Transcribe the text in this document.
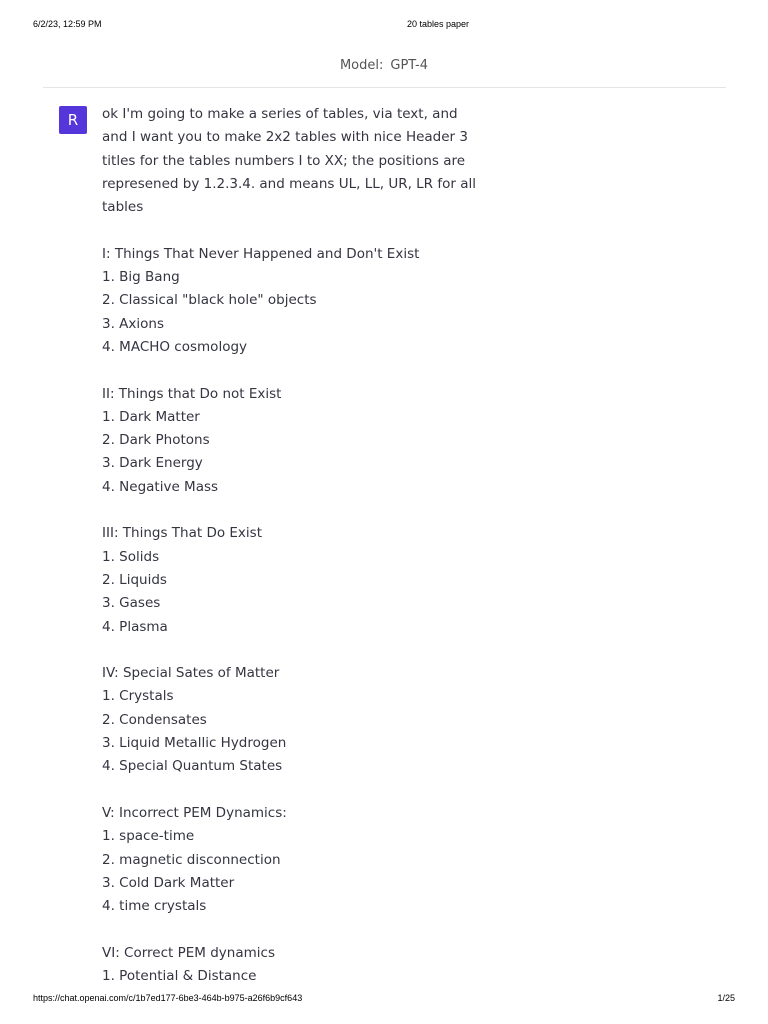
6/2/23, 12:59 PM	20 tables paper
Model: GPT-4
R	ok I'm going to make a series of tables, via text, and
and I want you to make 2x2 tables with nice Header 3
titles for the tables numbers I to XX; the positions are
represened by 1.2.3.4. and means UL, LL, UR, LR for all
tables

I: Things That Never Happened and Don't Exist
1. Big Bang
2. Classical "black hole" objects
3. Axions
4. MACHO cosmology
II: Things that Do not Exist
1. Dark Matter
2. Dark Photons
3. Dark Energy
4. Negative Mass
III: Things That Do Exist
1. Solids
2. Liquids
3. Gases
4. Plasma
IV: Special Sates of Matter
1. Crystals
2. Condensates
3. Liquid Metallic Hydrogen
4. Special Quantum States
V: Incorrect PEM Dynamics:
1. space-time
2. magnetic disconnection
3. Cold Dark Matter
4. time crystals
VI: Correct PEM dynamics
1. Potential & Distance
https://chat.openai.com/c/1b7ed177-6be3-464b-b975-a26f6b9cf643	1/25
